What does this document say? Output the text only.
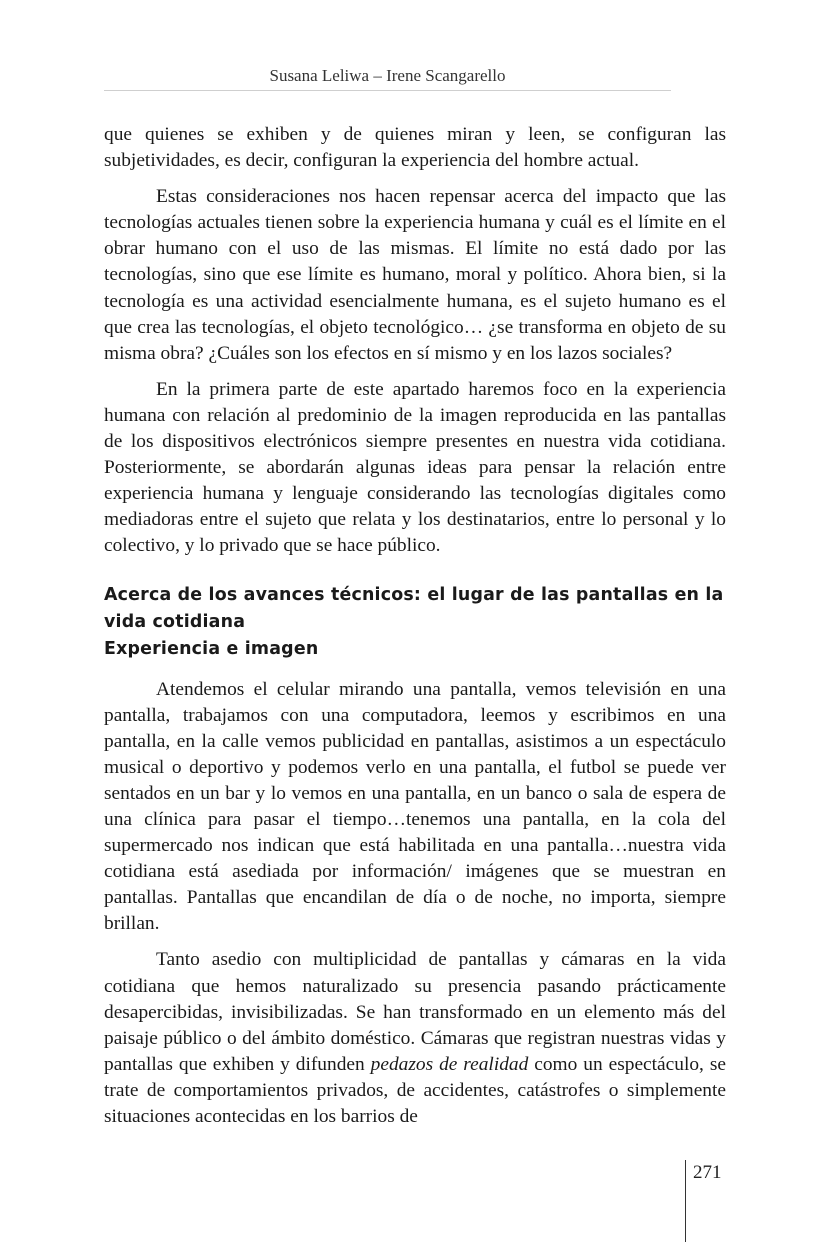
Susana Leliwa – Irene Scangarello

que quienes se exhiben y de quienes miran y leen, se configuran las subjetividades, es decir, configuran la experiencia del hombre actual.

Estas consideraciones nos hacen repensar acerca del impacto que las tecnologías actuales tienen sobre la experiencia humana y cuál es el límite en el obrar humano con el uso de las mismas. El límite no está dado por las tecnologías, sino que ese límite es humano, moral y político. Ahora bien, si la tecnología es una actividad esencialmente humana, es el sujeto humano es el que crea las tecnologías, el objeto tecnológico… ¿se transforma en objeto de su misma obra? ¿Cuáles son los efectos en sí mismo y en los lazos sociales?

En la primera parte de este apartado haremos foco en la experiencia humana con relación al predominio de la imagen reproducida en las pantallas de los dispositivos electrónicos siempre presentes en nuestra vida cotidiana. Posteriormente, se abordarán algunas ideas para pensar la relación entre experiencia humana y lenguaje considerando las tecnologías digitales como mediadoras entre el sujeto que relata y los destinatarios, entre lo personal y lo colectivo, y lo privado que se hace público.

Acerca de los avances técnicos: el lugar de las pantallas en la vida cotidiana
Experiencia e imagen

Atendemos el celular mirando una pantalla, vemos televisión en una pantalla, trabajamos con una computadora, leemos y escribimos en una pantalla, en la calle vemos publicidad en pantallas, asistimos a un espectáculo musical o deportivo y podemos verlo en una pantalla, el futbol se puede ver sentados en un bar y lo vemos en una pantalla, en un banco o sala de espera de una clínica para pasar el tiempo…tenemos una pantalla, en la cola del supermercado nos indican que está habilitada en una pantalla…nuestra vida cotidiana está asediada por información/ imágenes que se muestran en pantallas. Pantallas que encandilan de día o de noche, no importa, siempre brillan.

Tanto asedio con multiplicidad de pantallas y cámaras en la vida cotidiana que hemos naturalizado su presencia pasando prácticamente desapercibidas, invisibilizadas. Se han transformado en un elemento más del paisaje público o del ámbito doméstico. Cámaras que registran nuestras vidas y pantallas que exhiben y difunden pedazos de realidad como un espectáculo, se trate de comportamientos privados, de accidentes, catástrofes o simplemente situaciones acontecidas en los barrios de

271
